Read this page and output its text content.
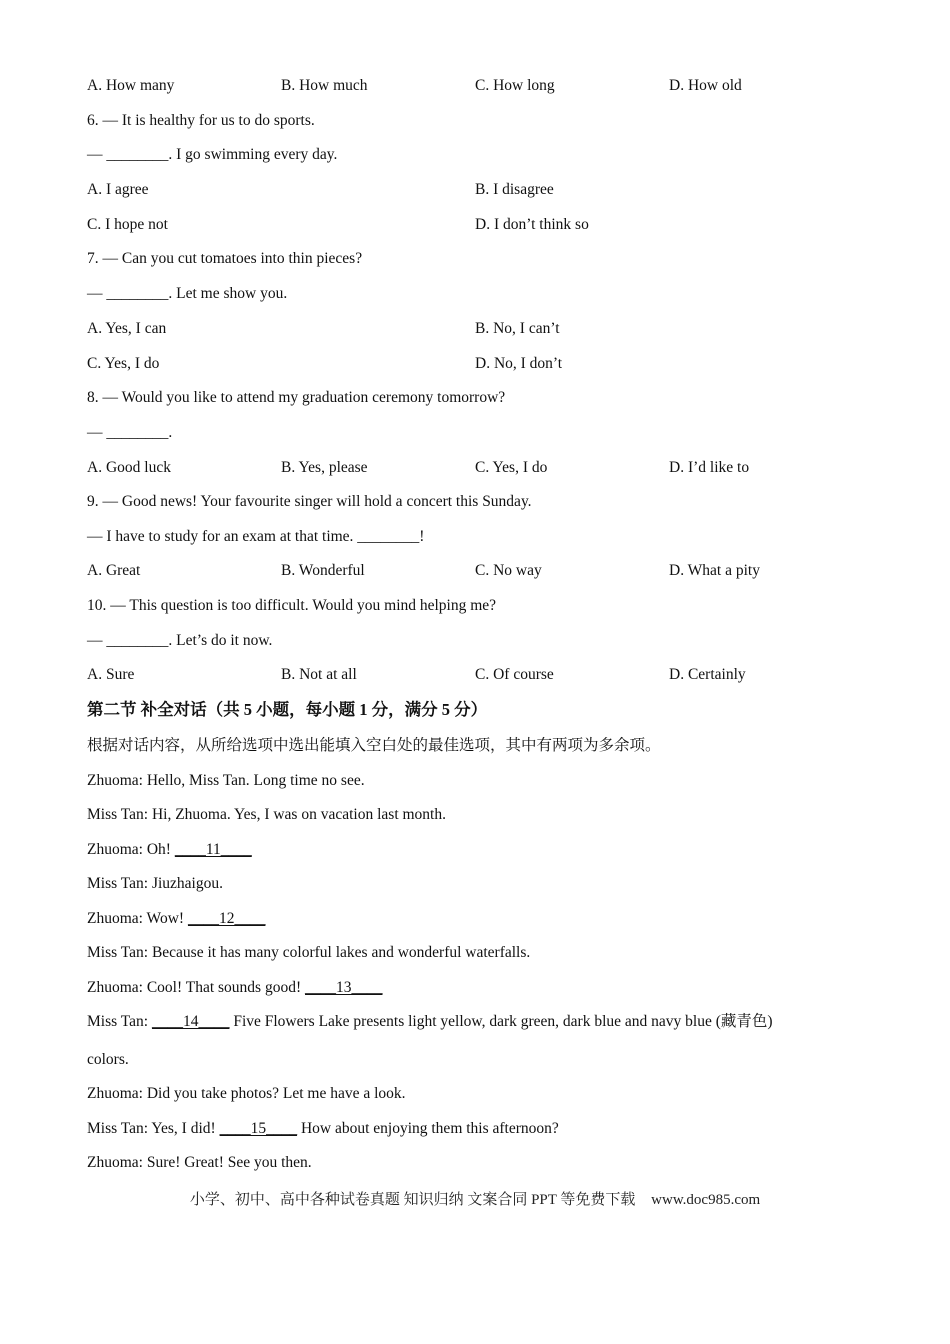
A. How many	B. How much	C. How long	D. How old
6. — It is healthy for us to do sports.
— ________. I go swimming every day.
A. I agree	B. I disagree
C. I hope not	D. I don’t think so
7. — Can you cut tomatoes into thin pieces?
— ________. Let me show you.
A. Yes, I can	B. No, I can’t
C. Yes, I do	D. No, I don’t
8. — Would you like to attend my graduation ceremony tomorrow?
— ________.
A. Good luck	B. Yes, please	C. Yes, I do	D. I’d like to
9. — Good news! Your favourite singer will hold a concert this Sunday.
— I have to study for an exam at that time. ________!
A. Great	B. Wonderful	C. No way	D. What a pity
10. — This question is too difficult. Would you mind helping me?
— ________. Let’s do it now.
A. Sure	B. Not at all	C. Of course	D. Certainly
第二节 补全对话（共 5 小题，每小题 1 分，满分 5 分）
根据对话内容，从所给选项中选出能填入空白处的最佳选项，其中有两项为多余项。
Zhuoma: Hello, Miss Tan. Long time no see.
Miss Tan: Hi, Zhuoma. Yes, I was on vacation last month.
Zhuoma: Oh! ____11____
Miss Tan: Jiuzhaigou.
Zhuoma: Wow! ____12____
Miss Tan: Because it has many colorful lakes and wonderful waterfalls.
Zhuoma: Cool! That sounds good! ____13____
Miss Tan: ____14____ Five Flowers Lake presents light yellow, dark green, dark blue and navy blue (藏青色)
colors.
Zhuoma: Did you take photos? Let me have a look.
Miss Tan: Yes, I did! ____15____ How about enjoying them this afternoon?
Zhuoma: Sure! Great! See you then.
小学、初中、高中各种试卷真题 知识归纳 文案合同 PPT 等免费下载 www.doc985.com
